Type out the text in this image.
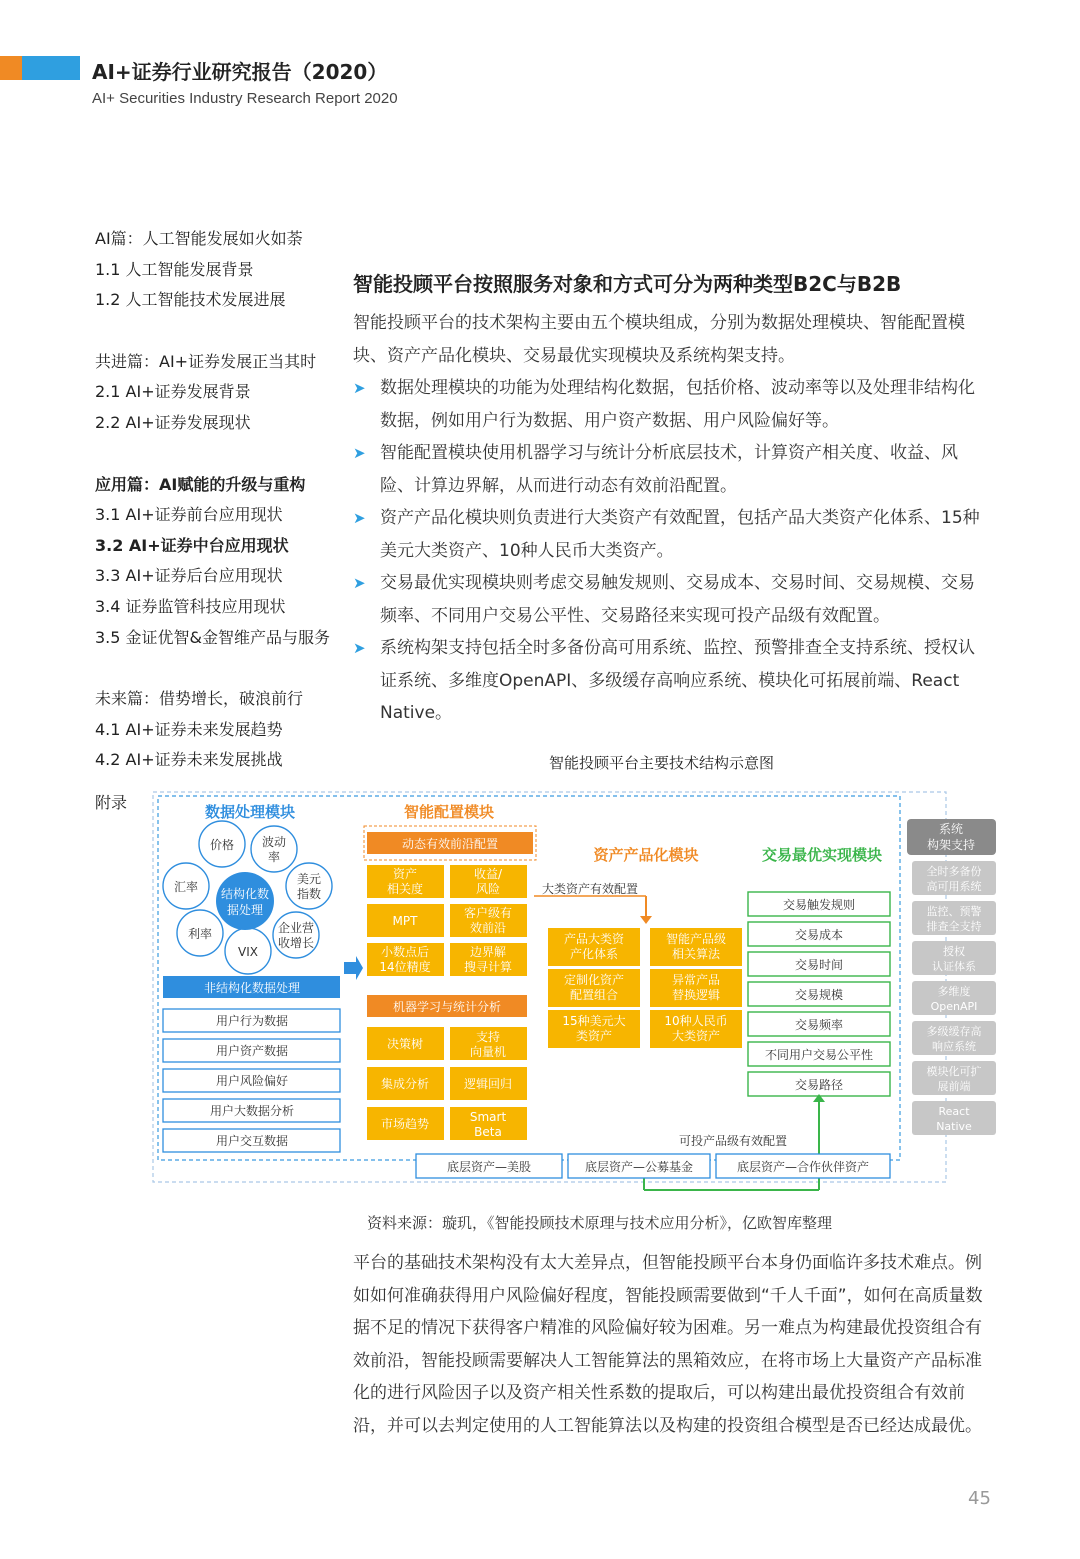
AI+证券行业研究报告（2020）
AI+ Securities Industry Research Report 2020
AI篇：人工智能发展如火如荼
1.1 人工智能发展背景
1.2 人工智能技术发展进展
共进篇：AI+证券发展正当其时
2.1 AI+证券发展背景
2.2 AI+证券发展现状
应用篇：AI赋能的升级与重构
3.1 AI+证券前台应用现状
3.2 AI+证券中台应用现状
3.3 AI+证券后台应用现状
3.4 证券监管科技应用现状
3.5 金证优智&金智维产品与服务
未来篇：借势增长，破浪前行
4.1 AI+证券未来发展趋势
4.2 AI+证券未来发展挑战
附录
智能投顾平台按照服务对象和方式可分为两种类型B2C与B2B
智能投顾平台的技术架构主要由五个模块组成，分别为数据处理模块、智能配置模块、资产产品化模块、交易最优实现模块及系统构架支持。
➤ 数据处理模块的功能为处理结构化数据，包括价格、波动率等以及处理非结构化数据，例如用户行为数据、用户资产数据、用户风险偏好等。
➤ 智能配置模块使用机器学习与统计分析底层技术，计算资产相关度、收益、风险、计算边界解，从而进行动态有效前沿配置。
➤ 资产产品化模块则负责进行大类资产有效配置，包括产品大类资产化体系、15种美元大类资产、10种人民币大类资产。
➤ 交易最优实现模块则考虑交易触发规则、交易成本、交易时间、交易规模、交易频率、不同用户交易公平性、交易路径来实现可投产品级有效配置。
➤ 系统构架支持包括全时多备份高可用系统、监控、预警排查全支持系统、授权认证系统、多维度OpenAPI、多级缓存高响应系统、模块化可拓展前端、React Native。
智能投顾平台主要技术结构示意图
数据处理模块
价格 波动
率
美元
指数
企业营
收增长
VIX
利率
汇率 结构化数
据处理
非结构化数据处理
用户行为数据
用户资产数据
用户风险偏好
用户大数据分析
用户交互数据
智能配置模块
动态有效前沿配置
资产
相关度
收益/
风险
MPT
客户级有
效前沿
小数点后
14位精度
边界解
搜寻计算
机器学习与统计分析
决策树	支持
向量机
集成分析	逻辑回归
市场趋势	Smart
Beta
资产产品化模块
大类资产有效配置
产品大类资
产化体系
智能产品级
相关算法
定制化资产
配置组合
异常产品
替换逻辑
15种美元大
类资产
10种人民币
大类资产
交易最优实现模块
交易触发规则
交易成本
交易时间
交易规模
交易频率
不同用户交易公平性
交易路径
可投产品级有效配置
底层资产—美股	底层资产—公募基金	底层资产—合作伙伴资产
系统
构架支持
全时多备份
高可用系统
监控、预警
排查全支持
授权
认证体系
多维度
OpenAPI
多级缓存高
响应系统
模块化可扩
展前端
React
Native
资料来源：璇玑，《智能投顾技术原理与技术应用分析》，亿欧智库整理
平台的基础技术架构没有太大差异点，但智能投顾平台本身仍面临许多技术难点。例如如何准确获得用户风险偏好程度，智能投顾需要做到“千人千面”，如何在高质量数据不足的情况下获得客户精准的风险偏好较为困难。另一难点为构建最优投资组合有效前沿，智能投顾需要解决人工智能算法的黑箱效应，在将市场上大量资产产品标准化的进行风险因子以及资产相关性系数的提取后，可以构建出最优投资组合有效前沿，并可以去判定使用的人工智能算法以及构建的投资组合模型是否已经达成最优。
45
